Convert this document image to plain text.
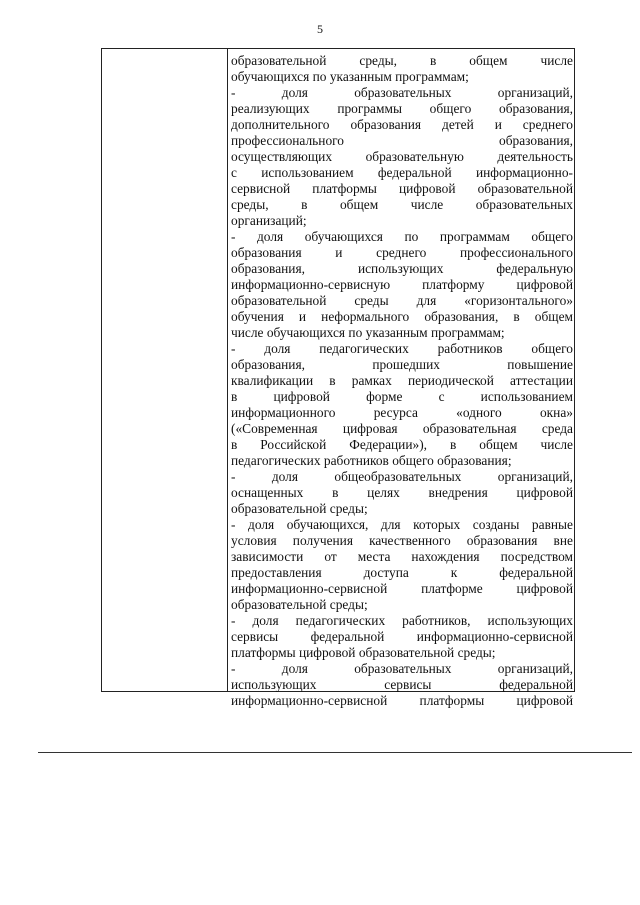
5
образовательной среды, в общем числе
обучающихся по указанным программам;
- доля образовательных организаций,
реализующих программы общего образования,
дополнительного образования детей и среднего
профессионального образования,
осуществляющих образовательную деятельность
с использованием федеральной информационно-
сервисной платформы цифровой образовательной
среды, в общем числе образовательных
организаций;
- доля обучающихся по программам общего
образования и среднего профессионального
образования, использующих федеральную
информационно-сервисную платформу цифровой
образовательной среды для «горизонтального»
обучения и неформального образования, в общем
числе обучающихся по указанным программам;
- доля педагогических работников общего
образования, прошедших повышение
квалификации в рамках периодической аттестации
в цифровой форме с использованием
информационного ресурса «одного окна»
(«Современная цифровая образовательная среда
в Российской Федерации»), в общем числе
педагогических работников общего образования;
- доля общеобразовательных организаций,
оснащенных в целях внедрения цифровой
образовательной среды;
- доля обучающихся, для которых созданы равные
условия получения качественного образования вне
зависимости от места нахождения посредством
предоставления доступа к федеральной
информационно-сервисной платформе цифровой
образовательной среды;
- доля педагогических работников, использующих
сервисы федеральной информационно-сервисной
платформы цифровой образовательной среды;
- доля образовательных организаций,
использующих сервисы федеральной
информационно-сервисной платформы цифровой
